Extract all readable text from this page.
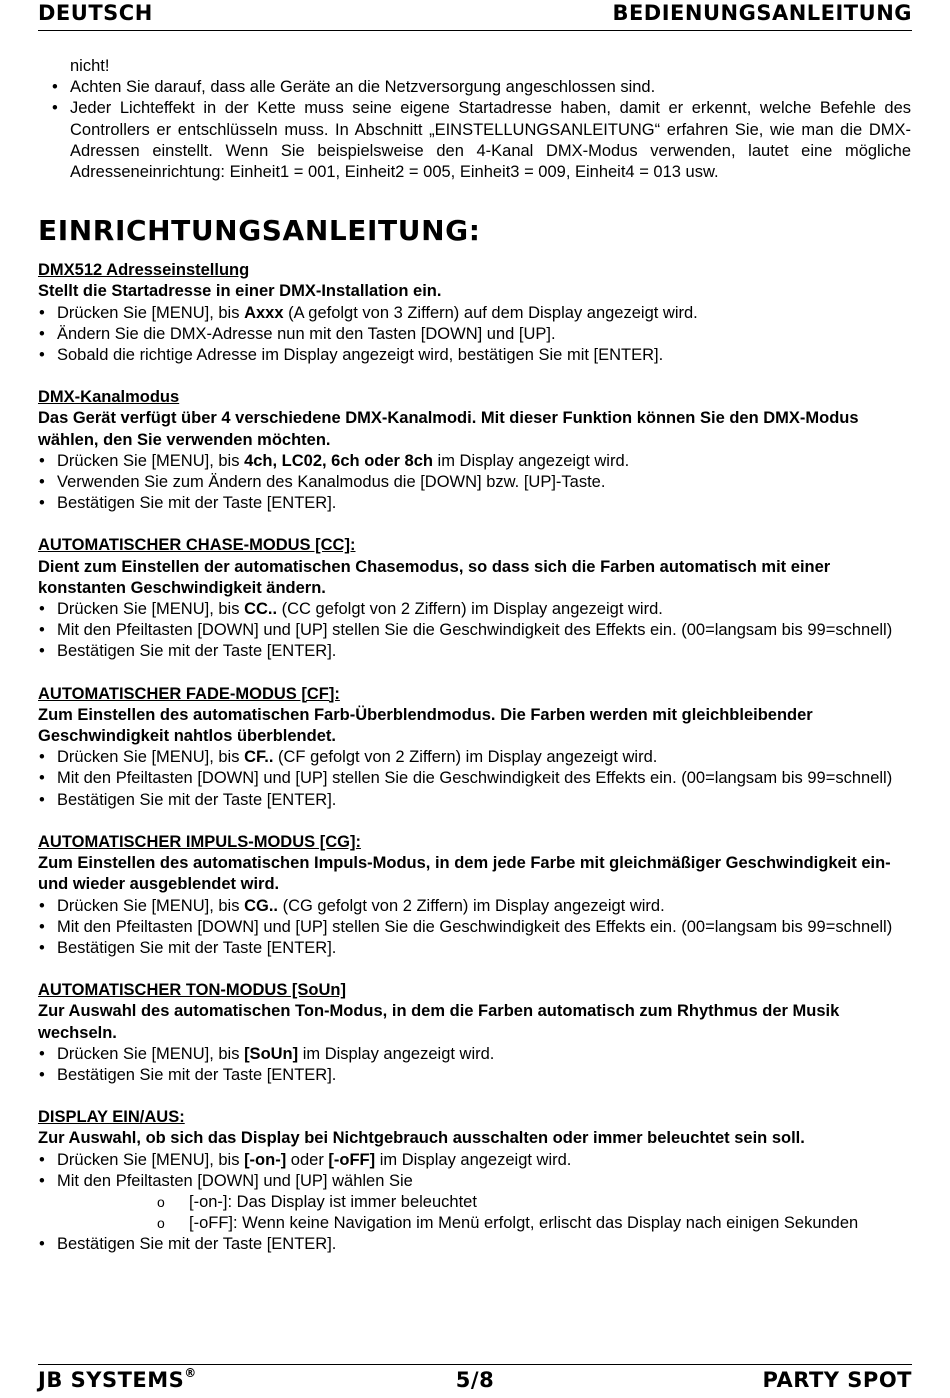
DEUTSCH	BEDIENUNGSANLEITUNG
nicht!
• Achten Sie darauf, dass alle Geräte an die Netzversorgung angeschlossen sind.
• Jeder Lichteffekt in der Kette muss seine eigene Startadresse haben, damit er erkennt, welche Befehle des Controllers er entschlüsseln muss. In Abschnitt „EINSTELLUNGSANLEITUNG“ erfahren Sie, wie man die DMX-Adressen einstellt. Wenn Sie beispielsweise den 4-Kanal DMX-Modus verwenden, lautet eine mögliche Adresseneinrichtung: Einheit1 = 001, Einheit2 = 005, Einheit3 = 009, Einheit4 = 013 usw.
EINRICHTUNGSANLEITUNG:
DMX512 Adresseinstellung

Stellt die Startadresse in einer DMX-Installation ein.

• Drücken Sie [MENU], bis Axxx (A gefolgt von 3 Ziffern) auf dem Display angezeigt wird.
• Ändern Sie die DMX-Adresse nun mit den Tasten [DOWN] und [UP].
• Sobald die richtige Adresse im Display angezeigt wird, bestätigen Sie mit [ENTER].
DMX-Kanalmodus

Das Gerät verfügt über 4 verschiedene DMX-Kanalmodi. Mit dieser Funktion können Sie den DMX-Modus wählen, den Sie verwenden möchten.

• Drücken Sie [MENU], bis 4ch, LC02, 6ch oder 8ch im Display angezeigt wird.
• Verwenden Sie zum Ändern des Kanalmodus die [DOWN] bzw. [UP]-Taste.
• Bestätigen Sie mit der Taste [ENTER].
AUTOMATISCHER CHASE-MODUS [CC]:

Dient zum Einstellen der automatischen Chasemodus, so dass sich die Farben automatisch mit einer konstanten Geschwindigkeit ändern.

• Drücken Sie [MENU], bis CC.. (CC gefolgt von 2 Ziffern) im Display angezeigt wird.
• Mit den Pfeiltasten [DOWN] und [UP] stellen Sie die Geschwindigkeit des Effekts ein. (00=langsam bis 99=schnell)
• Bestätigen Sie mit der Taste [ENTER].
AUTOMATISCHER FADE-MODUS [CF]:

Zum Einstellen des automatischen Farb-Überblendmodus. Die Farben werden mit gleichbleibender Geschwindigkeit nahtlos überblendet.

• Drücken Sie [MENU], bis CF.. (CF gefolgt von 2 Ziffern) im Display angezeigt wird.
• Mit den Pfeiltasten [DOWN] und [UP] stellen Sie die Geschwindigkeit des Effekts ein. (00=langsam bis 99=schnell)
• Bestätigen Sie mit der Taste [ENTER].
AUTOMATISCHER IMPULS-MODUS [CG]:

Zum Einstellen des automatischen Impuls-Modus, in dem jede Farbe mit gleichmäßiger Geschwindigkeit ein- und wieder ausgeblendet wird.

• Drücken Sie [MENU], bis CG.. (CG gefolgt von 2 Ziffern) im Display angezeigt wird.
• Mit den Pfeiltasten [DOWN] und [UP] stellen Sie die Geschwindigkeit des Effekts ein. (00=langsam bis 99=schnell)
• Bestätigen Sie mit der Taste [ENTER].
AUTOMATISCHER TON-MODUS [SoUn]

Zur Auswahl des automatischen Ton-Modus, in dem die Farben automatisch zum Rhythmus der Musik wechseln.

• Drücken Sie [MENU], bis [SoUn] im Display angezeigt wird.
• Bestätigen Sie mit der Taste [ENTER].
DISPLAY EIN/AUS:

Zur Auswahl, ob sich das Display bei Nichtgebrauch ausschalten oder immer beleuchtet sein soll.

• Drücken Sie [MENU], bis [-on-] oder [-oFF] im Display angezeigt wird.
• Mit den Pfeiltasten [DOWN] und [UP] wählen Sie
o [-on-]: Das Display ist immer beleuchtet
o [-oFF]: Wenn keine Navigation im Menü erfolgt, erlischt das Display nach einigen Sekunden
• Bestätigen Sie mit der Taste [ENTER].
JB SYSTEMS®	5/8	PARTY SPOT
